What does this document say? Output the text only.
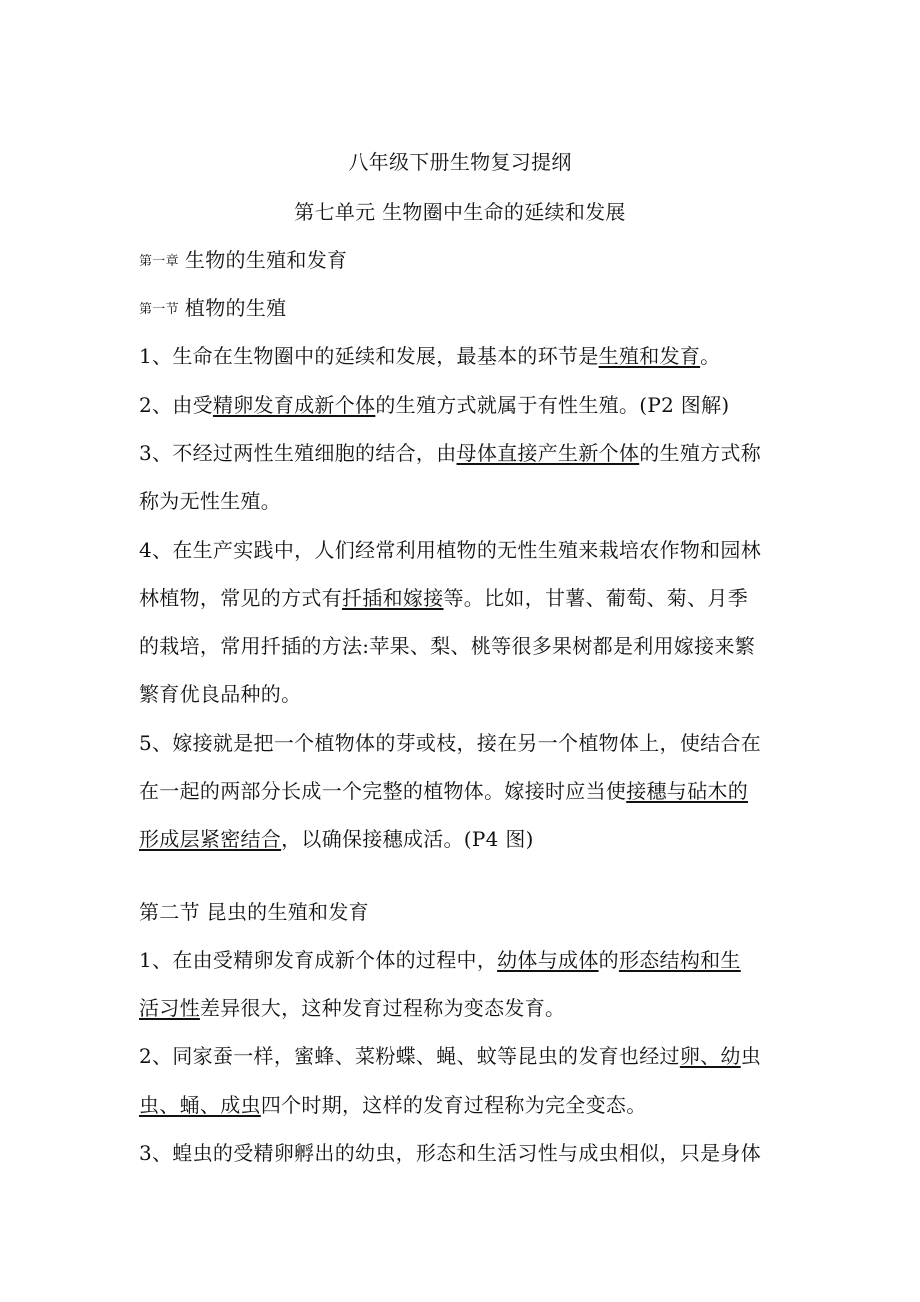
八年级下册生物复习提纲
第七单元 生物圈中生命的延续和发展
第一章 生物的生殖和发育
第一节 植物的生殖
1、生命在生物圈中的延续和发展，最基本的环节是生殖和发育。
2、由受精卵发育成新个体的生殖方式就属于有性生殖。(P2 图解)
3、不经过两性生殖细胞的结合，由母体直接产生新个体的生殖方式称
称为无性生殖。
4、在生产实践中，人们经常利用植物的无性生殖来栽培农作物和园林
林植物，常见的方式有扦插和嫁接等。比如，甘薯、葡萄、菊、月季
的栽培，常用扦插的方法:苹果、梨、桃等很多果树都是利用嫁接来繁
繁育优良品种的。
5、嫁接就是把一个植物体的芽或枝，接在另一个植物体上，使结合在
在一起的两部分长成一个完整的植物体。嫁接时应当使接穗与砧木的
形成层紧密结合，以确保接穗成活。(P4 图)
第二节 昆虫的生殖和发育
1、在由受精卵发育成新个体的过程中，幼体与成体的形态结构和生
活习性差异很大，这种发育过程称为变态发育。
2、同家蚕一样，蜜蜂、菜粉蝶、蝇、蚊等昆虫的发育也经过卵、幼虫
虫、蛹、成虫四个时期，这样的发育过程称为完全变态。
3、蝗虫的受精卵孵出的幼虫，形态和生活习性与成虫相似，只是身体
